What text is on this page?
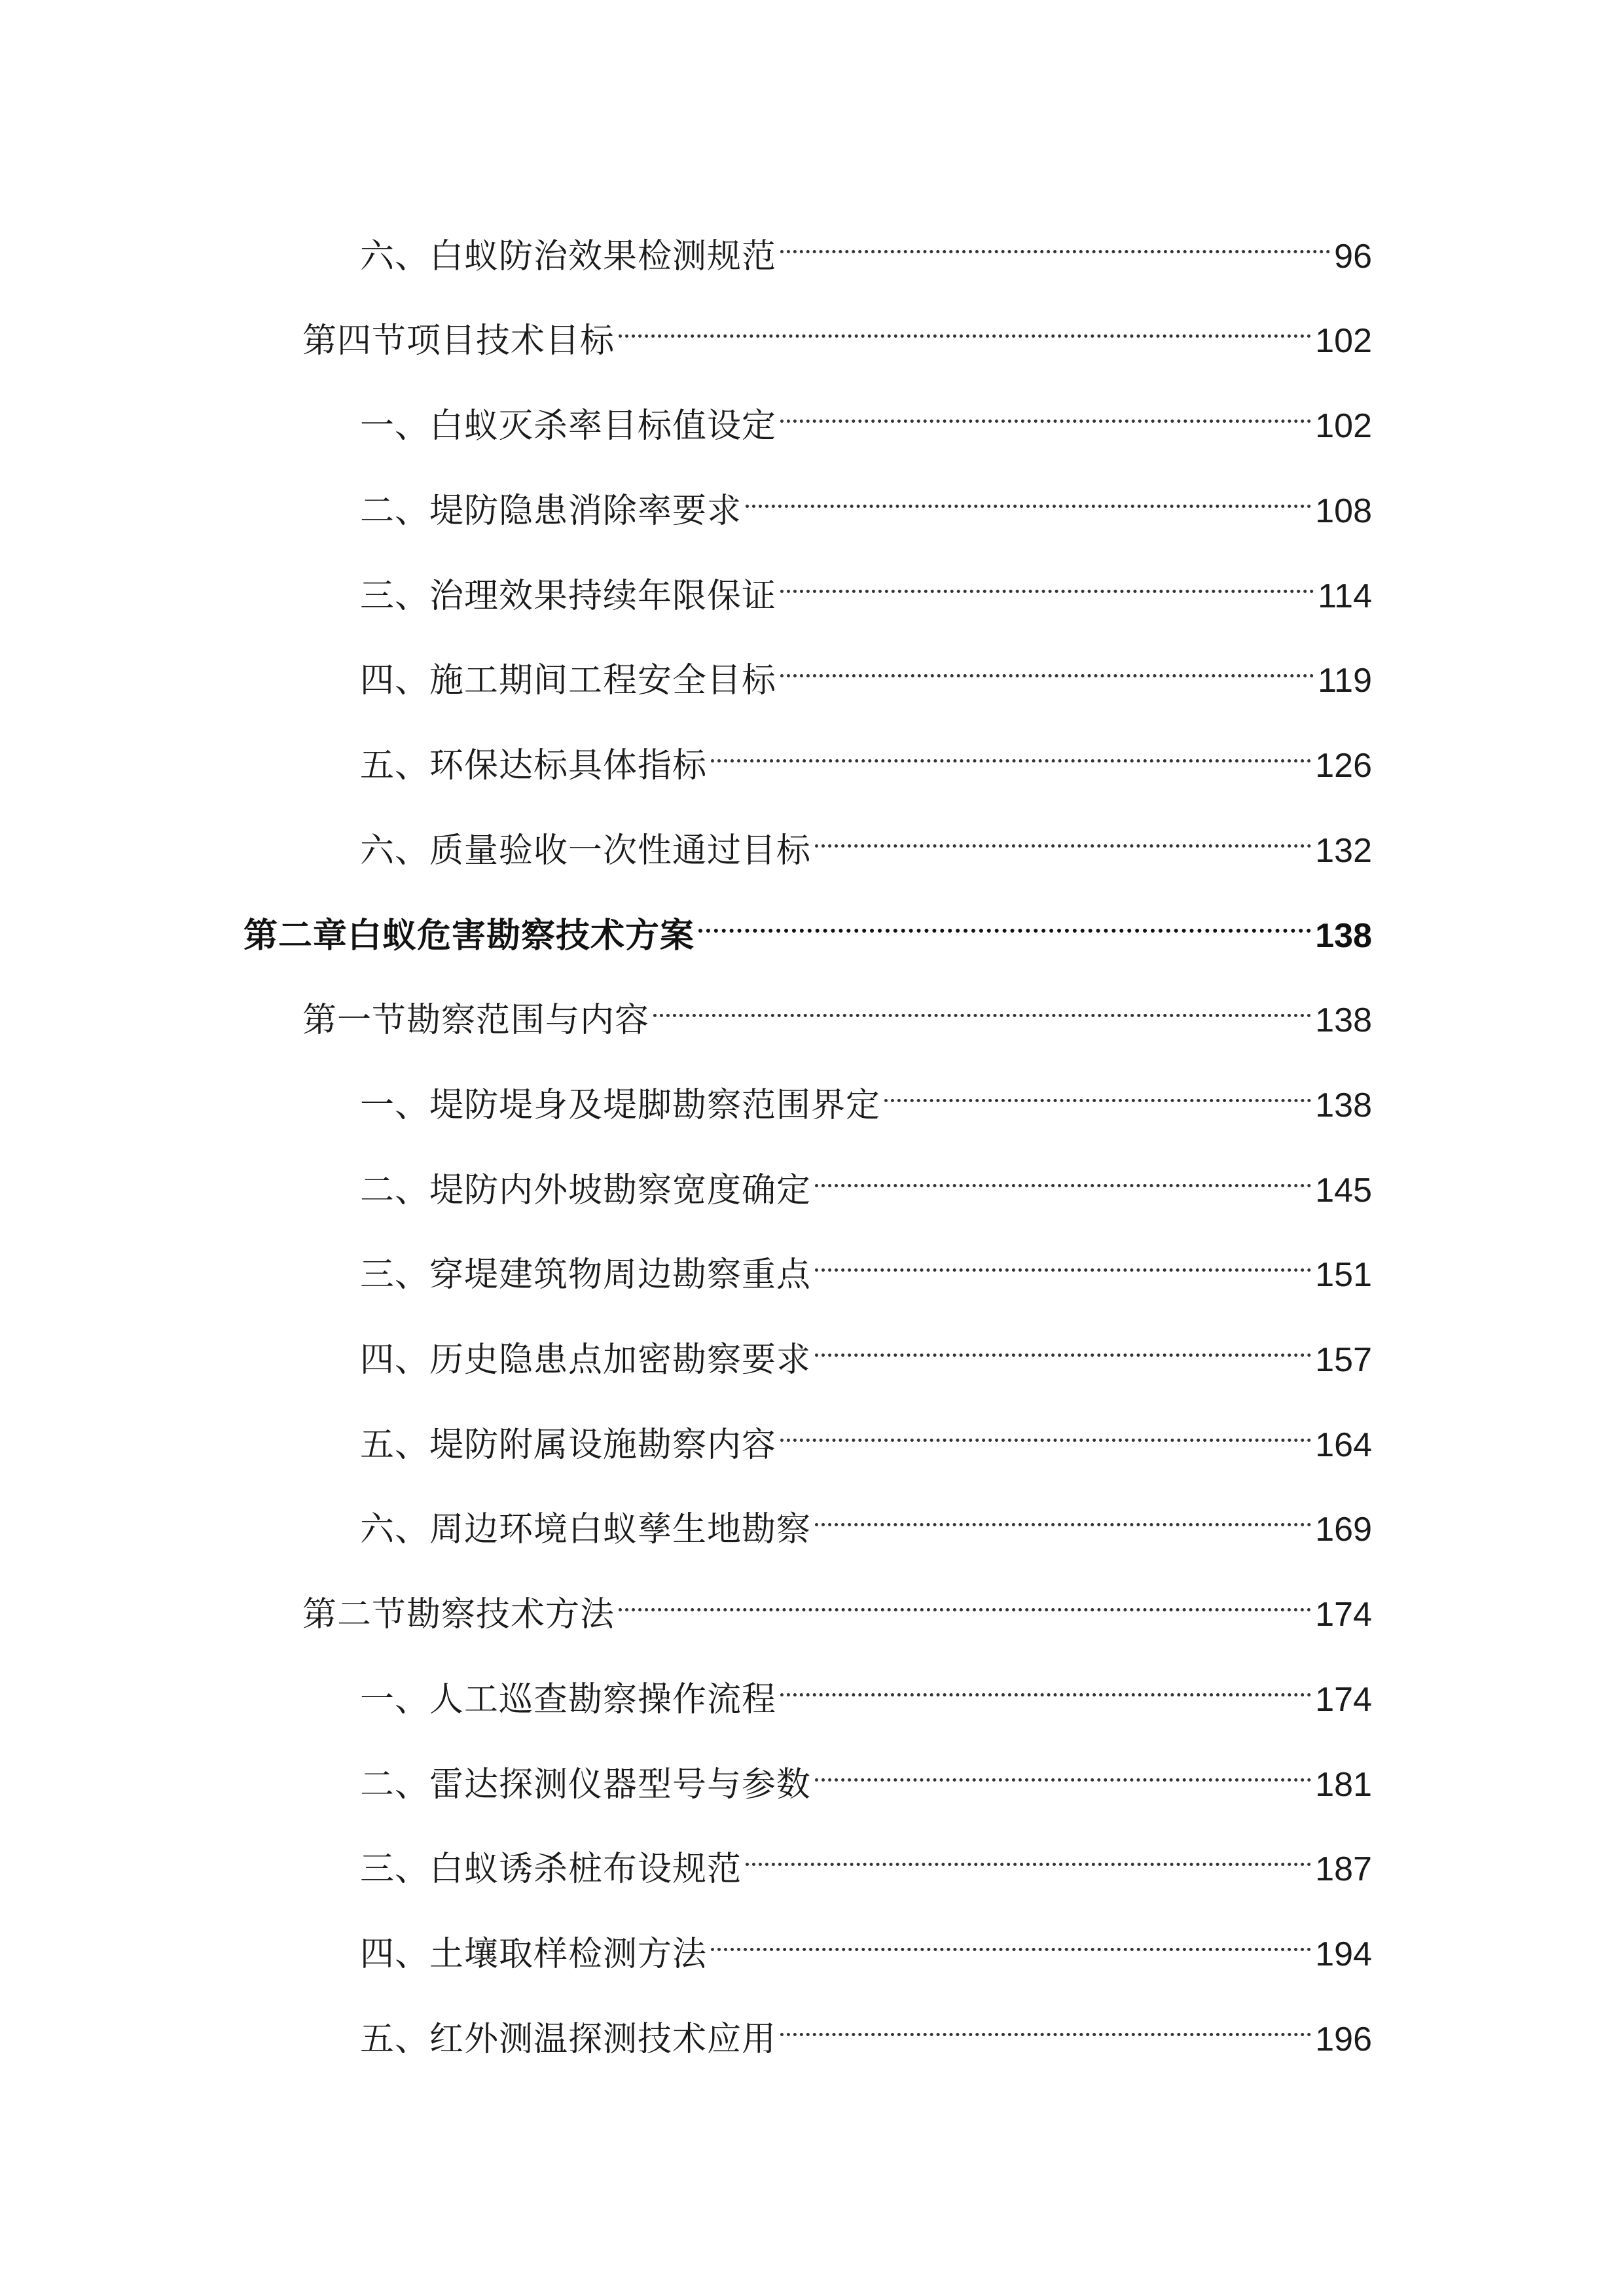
六、白蚁防治效果检测规范	96
第四节项目技术目标	102
一、白蚁灭杀率目标值设定	102
二、堤防隐患消除率要求	108
三、治理效果持续年限保证	114
四、施工期间工程安全目标	119
五、环保达标具体指标	126
六、质量验收一次性通过目标	132
第二章白蚁危害勘察技术方案	138
第一节勘察范围与内容	138
一、堤防堤身及堤脚勘察范围界定	138
二、堤防内外坡勘察宽度确定	145
三、穿堤建筑物周边勘察重点	151
四、历史隐患点加密勘察要求	157
五、堤防附属设施勘察内容	164
六、周边环境白蚁孳生地勘察	169
第二节勘察技术方法	174
一、人工巡查勘察操作流程	174
二、雷达探测仪器型号与参数	181
三、白蚁诱杀桩布设规范	187
四、土壤取样检测方法	194
五、红外测温探测技术应用	196
